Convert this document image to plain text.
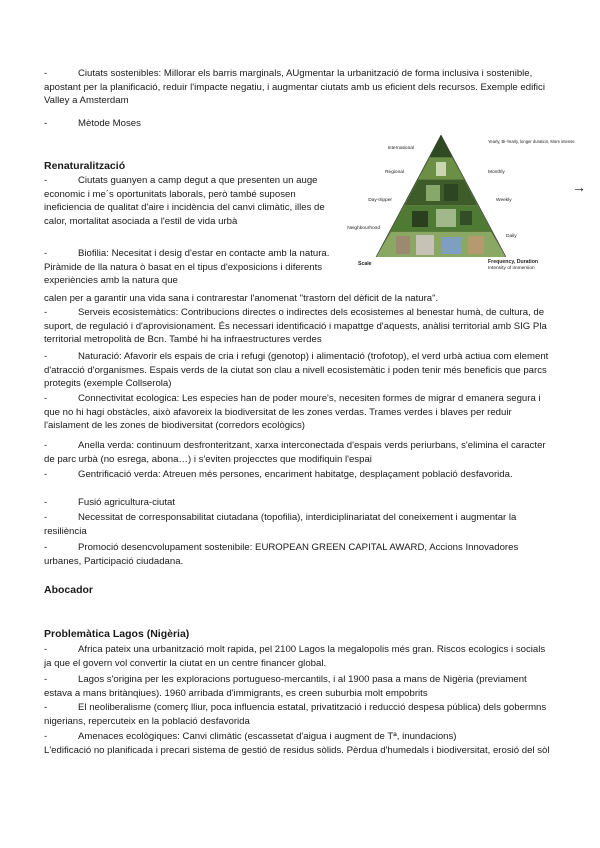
-	Ciutats sostenibles: Millorar els barris marginals, AUgmentar la urbanització de forma inclusiva i sostenible, apostant per la planificació, reduir l'impacte negatiu, i augmentar ciutats amb us eficient dels recursos. Exemple edifici Valley a Amsterdam

-	Mètode Moses

Renaturalització

-	Ciutats guanyen a camp degut a que presenten un auge economic i me´s oportunitats laborals, però també suposen ineficiencia de qualitat d'aire i incidència del canvi climàtic, illes de calor, mortalitat asociada a l'estil de vida urbà

-	Biofilia: Necesitat i desig d'estar en contacte amb la natura. Piràmide de lla natura ò basat en el tipus d'exposicions i diferents experiències amb la natura que

calen per a garantir una vida sana i contrarestar l'anomenat "trastorn del dèficit de la natura".

International
Regional
Day-tripper
Neighbourhood
Yearly, Bi-Yearly, longer duration, More intense
Monthly
Weekly
Daily
Scale	Frequency, Duration
Intensity of immersion
→

-	Serveis ecosistemàtics: Contribucions directes o indirectes dels ecosistemes al benestar humà, de cultura, de suport, de regulació i d'aprovisionament. És necessari identificació i mapattge d'aquests, anàlisi territorial amb SIG Pla territorial metropolità de Bcn. També hi ha infraestructures verdes

-	Naturació: Afavorir els espais de cria i refugi (genotop) i alimentació (trofotop), el verd urbà actiua com element d'atracció d'organismes. Espais verds de la ciutat son clau a nivell ecosistemàtic i poden tenir més beneficis que parcs protegits (exemple Collserola)

-	Connectivitat ecologica: Les especies han de poder moure's, necesiten formes de migrar d emanera segura i que no hi hagi obstàcles, això afavoreix la biodiversitat de les zones verdas. Trames verdes i blaves per reduir l'aislament de les zones de biodiversitat (corredors ecològics)

-	Anella verda: continuum desfronteritzant, xarxa interconectada d'espais verds periurbans, s'elimina el caracter de parc urbà (no esrega, abona…) i s'eviten projecctes que modifiquin l'espai

-	Gentrificació verda: Atreuen més persones, encariment habitatge, desplaçament població desfavorida.

-	Fusió agricultura-ciutat

-	Necessitat de corresponsabilitat ciutadana (topofilia), interdiciplinariatat del coneixement i augmentar la resiliència

-	Promoció desencvolupament sostenibile: EUROPEAN GREEN CAPITAL AWARD, Accions Innovadores urbanes, Participació ciudadana.

Abocador

Problemàtica Lagos (Nigèria)

-	Africa pateix una urbanització molt rapida, pel 2100 Lagos la megalopolis més gran. Riscos ecologics i socials ja que el govern vol convertir la ciutat en un centre financer global.

-	Lagos s'origina per les exploracions portugueso-mercantils, i al 1900 pasa a mans de Nigèria (previament estava a mans britànqiues). 1960 arribada d'immigrants, es creen suburbia molt empobrits

-	El neoliberalisme (comerç lliur, poca influencia estatal, privatització i reducció despesa pública) dels gobermns nigerians, repercuteix en la població desfavorida

-	Amenaces ecològiques: Canvi climàtic (escassetat d'aigua i augment de Tª, inundacions)
L'edificació no planificada i precari sistema de gestió de residus sòlids. Pèrdua d'humedals i biodiversitat, erosió del sòl
